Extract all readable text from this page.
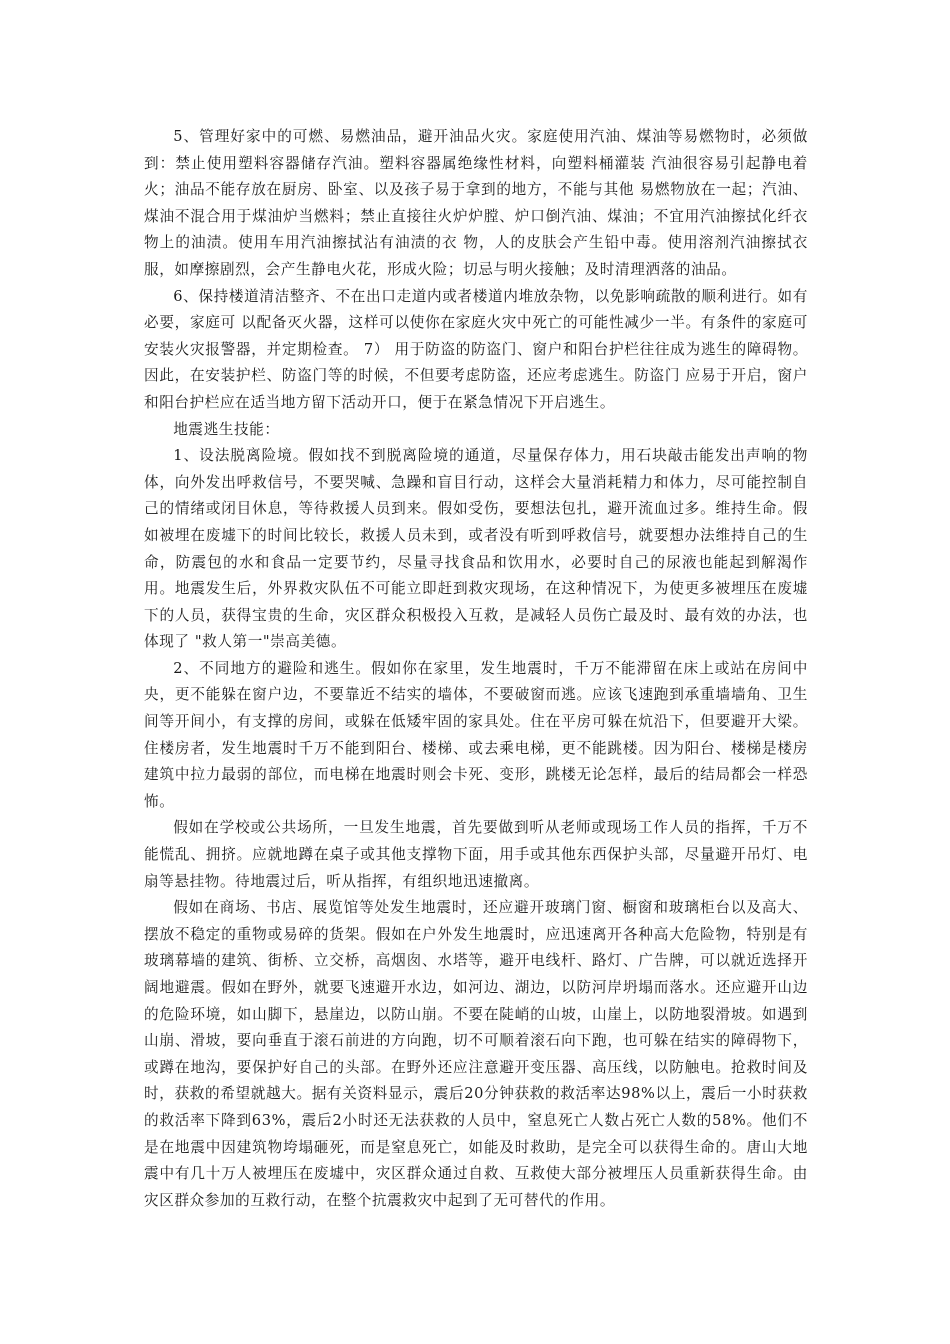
5、管理好家中的可燃、易燃油品，避开油品火灾。家庭使用汽油、煤油等易燃物时，必须做到：禁止使用塑料容器储存汽油。塑料容器属绝缘性材料，向塑料桶灌装 汽油很容易引起静电着火；油品不能存放在厨房、卧室、以及孩子易于拿到的地方，不能与其他 易燃物放在一起；汽油、煤油不混合用于煤油炉当燃料；禁止直接往火炉炉膛、炉口倒汽油、煤油；不宜用汽油擦拭化纤衣物上的油渍。使用车用汽油擦拭沾有油渍的衣 物，人的皮肤会产生铅中毒。使用溶剂汽油擦拭衣服，如摩擦剧烈，会产生静电火花，形成火险；切忌与明火接触；及时清理洒落的油品。

6、保持楼道清洁整齐、不在出口走道内或者楼道内堆放杂物，以免影响疏散的顺利进行。如有必要，家庭可 以配备灭火器，这样可以使你在家庭火灾中死亡的可能性减少一半。有条件的家庭可安装火灾报警器，并定期检查。 7） 用于防盗的防盗门、窗户和阳台护栏往往成为逃生的障碍物。因此，在安装护栏、防盗门等的时候，不但要考虑防盗，还应考虑逃生。防盗门 应易于开启，窗户和阳台护栏应在适当地方留下活动开口，便于在紧急情况下开启逃生。

地震逃生技能：

1、设法脱离险境。假如找不到脱离险境的通道，尽量保存体力，用石块敲击能发出声响的物体，向外发出呼救信号，不要哭喊、急躁和盲目行动，这样会大量消耗精力和体力，尽可能控制自己的情绪或闭目休息，等待救援人员到来。假如受伤，要想法包扎，避开流血过多。维持生命。假如被埋在废墟下的时间比较长，救援人员未到，或者没有听到呼救信号，就要想办法维持自己的生命，防震包的水和食品一定要节约，尽量寻找食品和饮用水，必要时自己的尿液也能起到解渴作用。地震发生后，外界救灾队伍不可能立即赶到救灾现场，在这种情况下，为使更多被埋压在废墟下的人员，获得宝贵的生命，灾区群众积极投入互救，是减轻人员伤亡最及时、最有效的办法，也体现了 "救人第一"崇高美德。

2、不同地方的避险和逃生。假如你在家里，发生地震时，千万不能滞留在床上或站在房间中央，更不能躲在窗户边，不要靠近不结实的墙体，不要破窗而逃。应该飞速跑到承重墙墙角、卫生间等开间小，有支撑的房间，或躲在低矮牢固的家具处。住在平房可躲在炕沿下，但要避开大梁。住楼房者，发生地震时千万不能到阳台、楼梯、或去乘电梯，更不能跳楼。因为阳台、楼梯是楼房建筑中拉力最弱的部位，而电梯在地震时则会卡死、变形，跳楼无论怎样，最后的结局都会一样恐怖。

假如在学校或公共场所，一旦发生地震，首先要做到听从老师或现场工作人员的指挥，千万不能慌乱、拥挤。应就地蹲在桌子或其他支撑物下面，用手或其他东西保护头部，尽量避开吊灯、电扇等悬挂物。待地震过后，听从指挥，有组织地迅速撤离。

假如在商场、书店、展览馆等处发生地震时，还应避开玻璃门窗、橱窗和玻璃柜台以及高大、摆放不稳定的重物或易碎的货架。假如在户外发生地震时，应迅速离开各种高大危险物，特别是有玻璃幕墙的建筑、街桥、立交桥，高烟囱、水塔等，避开电线杆、路灯、广告牌，可以就近选择开阔地避震。假如在野外，就要飞速避开水边，如河边、湖边，以防河岸坍塌而落水。还应避开山边的危险环境，如山脚下，悬崖边，以防山崩。不要在陡峭的山坡，山崖上，以防地裂滑坡。如遇到山崩、滑坡，要向垂直于滚石前进的方向跑，切不可顺着滚石向下跑，也可躲在结实的障碍物下，或蹲在地沟，要保护好自己的头部。在野外还应注意避开变压器、高压线，以防触电。抢救时间及时，获救的希望就越大。据有关资料显示，震后20分钟获救的救活率达98%以上，震后一小时获救的救活率下降到63%，震后2小时还无法获救的人员中，窒息死亡人数占死亡人数的58%。他们不是在地震中因建筑物垮塌砸死，而是窒息死亡，如能及时救助，是完全可以获得生命的。唐山大地震中有几十万人被埋压在废墟中，灾区群众通过自救、互救使大部分被埋压人员重新获得生命。由灾区群众参加的互救行动，在整个抗震救灾中起到了无可替代的作用。
